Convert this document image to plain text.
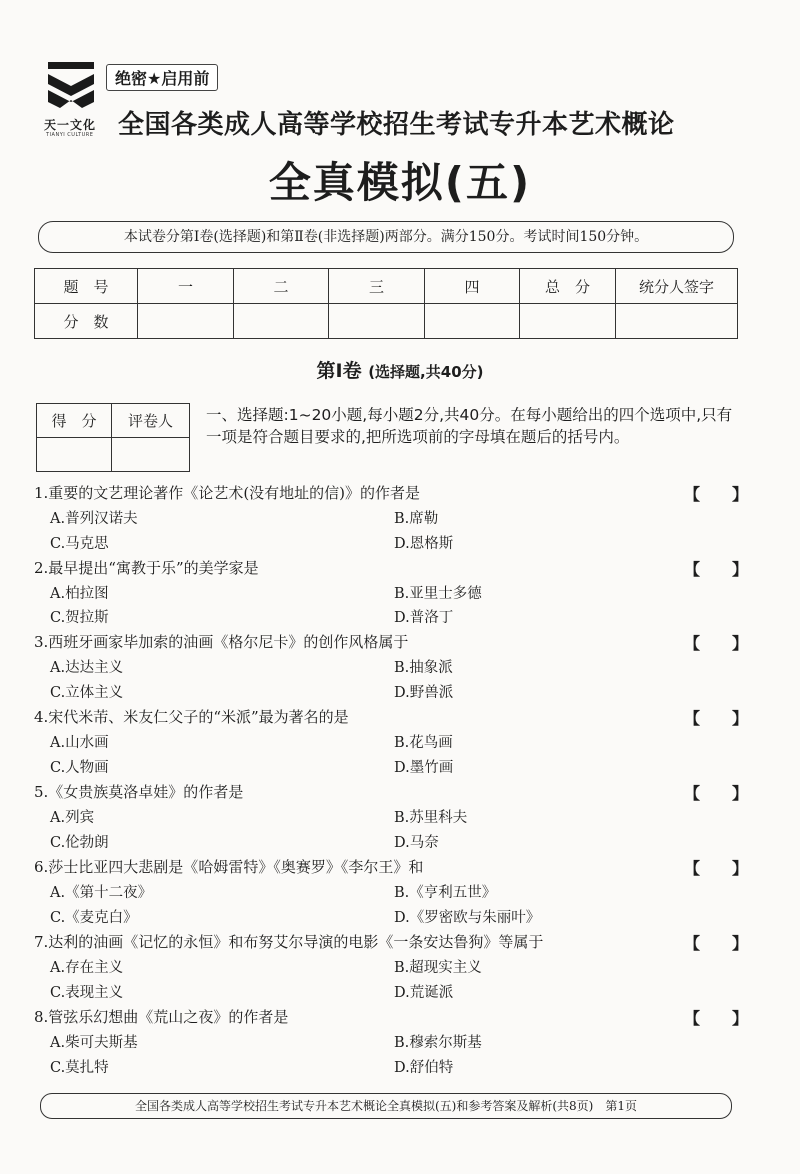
天一文化
TIANYI CULTURE
绝密★启用前
全国各类成人高等学校招生考试专升本艺术概论
全真模拟(五)
本试卷分第Ⅰ卷(选择题)和第Ⅱ卷(非选择题)两部分。满分150分。考试时间150分钟。
题　号	一	二	三	四	总　分	统分人签字
分　数						
第Ⅰ卷 (选择题,共40分)
得　分	评卷人
	一、选择题:1~20小题,每小题2分,共40分。在每小题给出的四个选项中,只有一项是符合题目要求的,把所选项前的字母填在题后的括号内。
1.重要的文艺理论著作《论艺术(没有地址的信)》的作者是	【　　】
A.普列汉诺夫	B.席勒
C.马克思	D.恩格斯
2.最早提出“寓教于乐”的美学家是	【　　】
A.柏拉图	B.亚里士多德
C.贺拉斯	D.普洛丁
3.西班牙画家毕加索的油画《格尔尼卡》的创作风格属于	【　　】
A.达达主义	B.抽象派
C.立体主义	D.野兽派
4.宋代米芾、米友仁父子的“米派”最为著名的是	【　　】
A.山水画	B.花鸟画
C.人物画	D.墨竹画
5.《女贵族莫洛卓娃》的作者是	【　　】
A.列宾	B.苏里科夫
C.伦勃朗	D.马奈
6.莎士比亚四大悲剧是《哈姆雷特》《奥赛罗》《李尔王》和	【　　】
A.《第十二夜》	B.《亨利五世》
C.《麦克白》	D.《罗密欧与朱丽叶》
7.达利的油画《记忆的永恒》和布努艾尔导演的电影《一条安达鲁狗》等属于	【　　】
A.存在主义	B.超现实主义
C.表现主义	D.荒诞派
8.管弦乐幻想曲《荒山之夜》的作者是	【　　】
A.柴可夫斯基	B.穆索尔斯基
C.莫扎特	D.舒伯特
全国各类成人高等学校招生考试专升本艺术概论全真模拟(五)和参考答案及解析(共8页)　第1页
